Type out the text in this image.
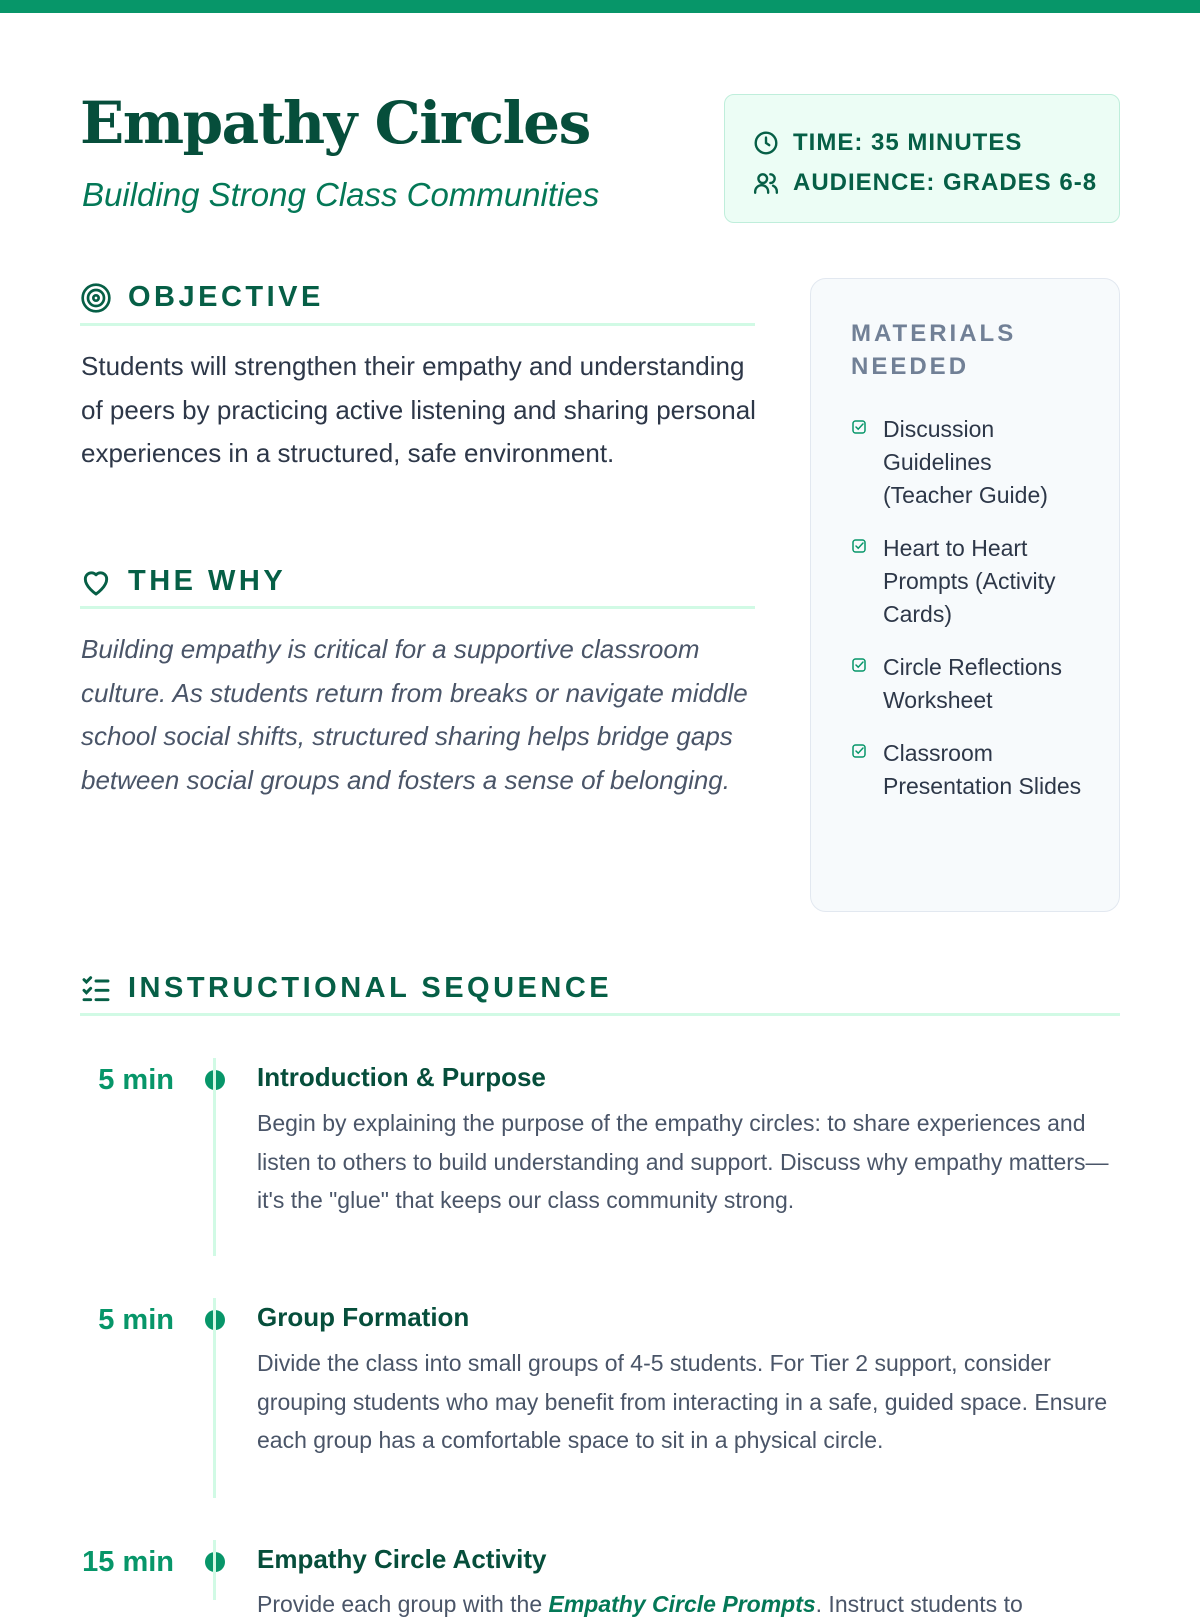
Empathy Circles
Building Strong Class Communities
TIME: 35 MINUTES
AUDIENCE: GRADES 6-8
OBJECTIVE

Students will strengthen their empathy and understanding of peers by practicing active listening and sharing personal experiences in a structured, safe environment.

THE WHY

Building empathy is critical for a supportive classroom culture. As students return from breaks or navigate middle school social shifts, structured sharing helps bridge gaps between social groups and fosters a sense of belonging.

MATERIALS NEEDED
Discussion Guidelines (Teacher Guide)
Heart to Heart Prompts (Activity Cards)
Circle Reflections Worksheet
Classroom Presentation Slides
INSTRUCTIONAL SEQUENCE
5 min	Introduction & Purpose

Begin by explaining the purpose of the empathy circles: to share experiences and listen to others to build understanding and support. Discuss why empathy matters—it's the "glue" that keeps our class community strong.

5 min	Group Formation

Divide the class into small groups of 4-5 students. For Tier 2 support, consider grouping students who may benefit from interacting in a safe, guided space. Ensure each group has a comfortable space to sit in a physical circle.

15 min	Empathy Circle Activity

Provide each group with the Empathy Circle Prompts. Instruct students to
